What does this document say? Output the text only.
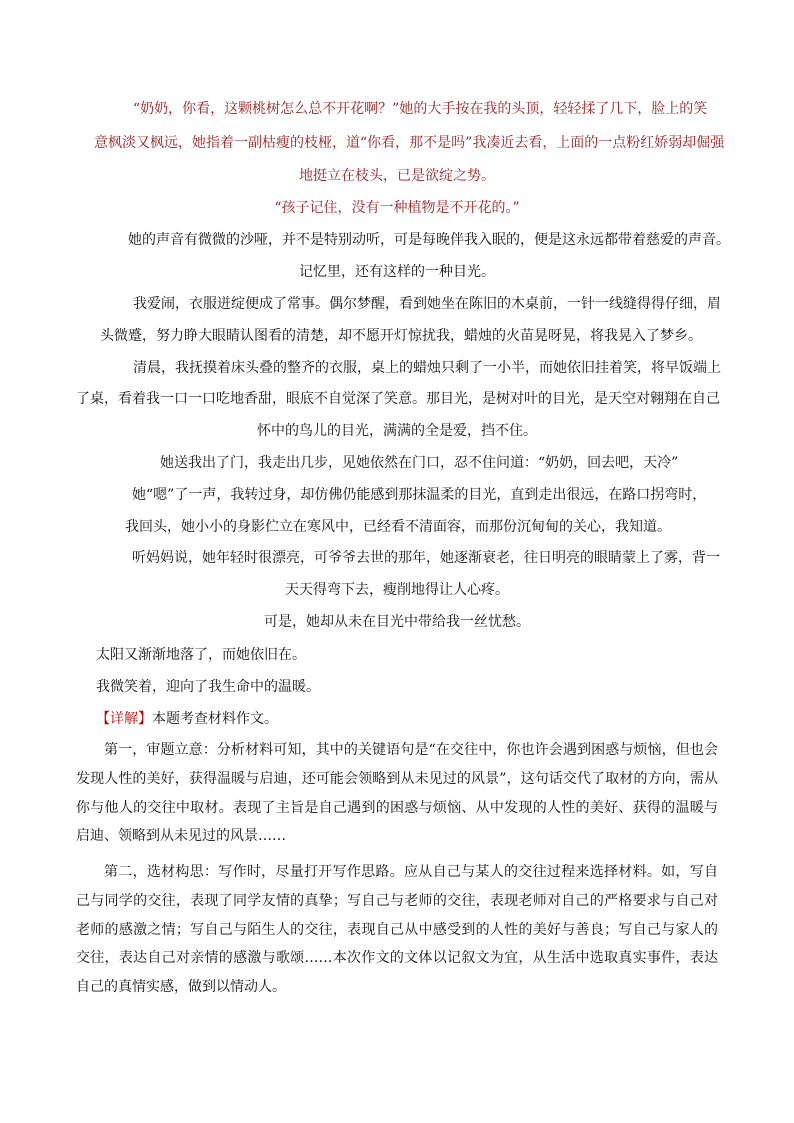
“奶奶，你看，这颗桃树怎么总不开花啊？”她的大手按在我的头顶，轻轻揉了几下，脸上的笑
意枫淡又枫远，她指着一副枯瘦的枝桠，道“你看，那不是吗”我凑近去看，上面的一点粉红娇弱却倔强
地挺立在枝头，已是欲绽之势。
“孩子记住，没有一种植物是不开花的。”
她的声音有微微的沙哑，并不是特别动听，可是每晚伴我入眠的，便是这永远都带着慈爱的声音。
记忆里，还有这样的一种目光。
我爱闹，衣服迸绽便成了常事。偶尔梦醒，看到她坐在陈旧的木桌前，一针一线缝得得仔细，眉
头微蹙，努力睁大眼睛认图看的清楚，却不愿开灯惊扰我，蜡烛的火苗晃呀晃，将我晃入了梦乡。
清晨，我抚摸着床头叠的整齐的衣服，桌上的蜡烛只剩了一小半，而她依旧挂着笑，将早饭端上
了桌，看着我一口一口吃地香甜，眼底不自觉深了笑意。那目光，是树对叶的目光，是天空对翱翔在自己
怀中的鸟儿的目光，满满的全是爱，挡不住。
她送我出了门，我走出几步，见她依然在门口，忍不住问道：“奶奶，回去吧，天冷”
她“嗯”了一声，我转过身，却仿佛仍能感到那抹温柔的目光，直到走出很远，在路口拐弯时，
我回头，她小小的身影伫立在寒风中，已经看不清面容，而那份沉甸甸的关心，我知道。
听妈妈说，她年轻时很漂亮，可爷爷去世的那年，她逐渐衰老，往日明亮的眼睛蒙上了雾，背一
天天得弯下去，瘦削地得让人心疼。
可是，她却从未在目光中带给我一丝忧愁。
太阳又渐渐地落了，而她依旧在。
我微笑着，迎向了我生命中的温暖。
【详解】本题考查材料作文。
第一，审题立意：分析材料可知，其中的关键语句是“在交往中，你也许会遇到困惑与烦恼，但也会发现人性的美好，获得温暖与启迪，还可能会领略到从未见过的风景”，这句话交代了取材的方向，需从你与他人的交往中取材。表现了主旨是自己遇到的困惑与烦恼、从中发现的人性的美好、获得的温暖与启迪、领略到从未见过的风景……
第二，选材构思：写作时，尽量打开写作思路。应从自己与某人的交往过程来选择材料。如，写自己与同学的交往，表现了同学友情的真挚；写自己与老师的交往，表现老师对自己的严格要求与自己对老师的感激之情；写自己与陌生人的交往，表现自己从中感受到的人性的美好与善良；写自己与家人的交往，表达自己对亲情的感激与歌颂……本次作文的文体以记叙文为宜，从生活中选取真实事件，表达自己的真情实感，做到以情动人。
